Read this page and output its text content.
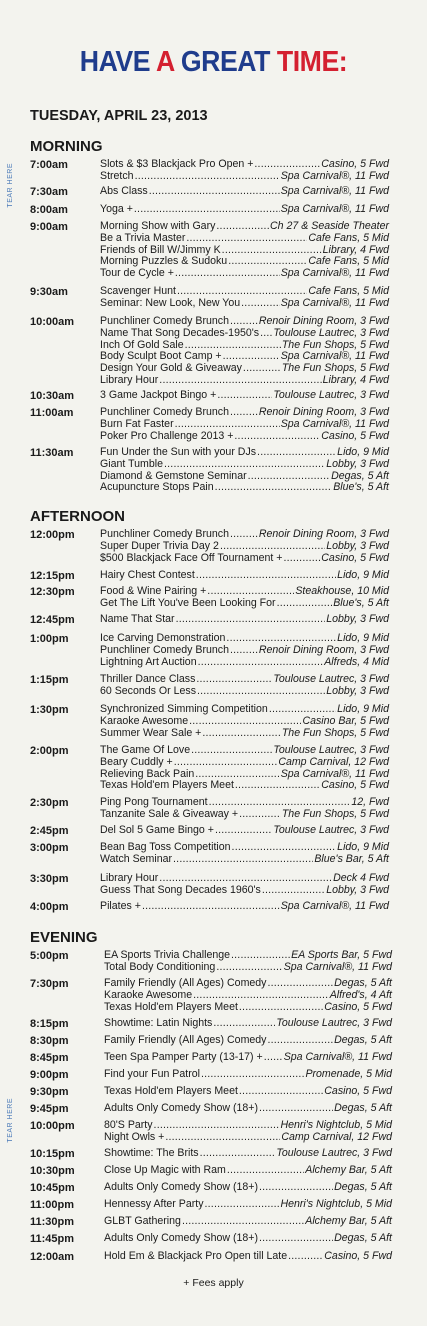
HAVE A GREAT TIME:
TUESDAY, APRIL 23, 2013
TEAR HERE
TEAR HERE
MORNING
7:00am	Slots & $3 Blackjack Pro Open + .....	Casino, 5 Fwd
Stretch .....	Spa Carnival®, 11 Fwd
7:30am	Abs Class .....	Spa Carnival®, 11 Fwd
8:00am	Yoga + .....	Spa Carnival®, 11 Fwd
9:00am	Morning Show with Gary .....	Ch 27 & Seaside Theater
Be a Trivia Master .....	Cafe Fans, 5 Mid
Friends of Bill W/Jimmy K .....	Library, 4 Fwd
Morning Puzzles & Sudoku .....	Cafe Fans, 5 Mid
Tour de Cycle + .....	Spa Carnival®, 11 Fwd
9:30am	Scavenger Hunt .....	Cafe Fans, 5 Mid
Seminar: New Look, New You .....	Spa Carnival®, 11 Fwd
10:00am Punchliner Comedy Brunch .....	Renoir Dining Room, 3 Fwd
Name That Song Decades-1950's ..... Toulouse Lautrec, 3 Fwd
Inch Of Gold Sale .....	The Fun Shops, 5 Fwd
Body Sculpt Boot Camp + .....	Spa Carnival®, 11 Fwd
Design Your Gold & Giveaway .....	The Fun Shops, 5 Fwd
Library Hour .....	Library, 4 Fwd
10:30am 3 Game Jackpot Bingo + .....	Toulouse Lautrec, 3 Fwd
11:00am	Punchliner Comedy Brunch .....	Renoir Dining Room, 3 Fwd
Burn Fat Faster .....	Spa Carnival®, 11 Fwd
Poker Pro Challenge 2013 + .....	Casino, 5 Fwd
11:30am	Fun Under the Sun with your DJs .....	Lido, 9 Mid
Giant Tumble .....	Lobby, 3 Fwd
Diamond & Gemstone Seminar .....	Degas, 5 Aft
Acupuncture Stops Pain .....	Blue's, 5 Aft
AFTERNOON
12:00pm Punchliner Comedy Brunch .....	Renoir Dining Room, 3 Fwd
Super Duper Trivia Day 2 .....	Lobby, 3 Fwd
$500 Blackjack Face Off Tournament + .....	Casino, 5 Fwd
12:15pm Hairy Chest Contest .....	Lido, 9 Mid
12:30pm Food & Wine Pairing + .....	Steakhouse, 10 Mid
Get The Lift You've Been Looking For .....	Blue's, 5 Aft
12:45pm Name That Star .....	Lobby, 3 Fwd
1:00pm	Ice Carving Demonstration .....	Lido, 9 Mid
Punchliner Comedy Brunch .....	Renoir Dining Room, 3 Fwd
Lightning Art Auction .....	Alfreds, 4 Mid
1:15pm	Thriller Dance Class .....	Toulouse Lautrec, 3 Fwd
60 Seconds Or Less .....	Lobby, 3 Fwd
1:30pm	Synchronized Simming Competition .....	Lido, 9 Mid
Karaoke Awesome .....	Casino Bar, 5 Fwd
Summer Wear Sale + .....	The Fun Shops, 5 Fwd
2:00pm	The Game Of Love .....	Toulouse Lautrec, 3 Fwd
Beary Cuddly + .....	Camp Carnival, 12 Fwd
Relieving Back Pain .....	Spa Carnival®, 11 Fwd
Texas Hold'em Players Meet .....	Casino, 5 Fwd
2:30pm	Ping Pong Tournament .....	12, Fwd
Tanzanite Sale & Giveaway + .....	The Fun Shops, 5 Fwd
2:45pm	Del Sol 5 Game Bingo + .....	Toulouse Lautrec, 3 Fwd
3:00pm	Bean Bag Toss Competition .....	Lido, 9 Mid
Watch Seminar .....	Blue's Bar, 5 Aft
3:30pm	Library Hour .....	Deck 4 Fwd
Guess That Song Decades 1960's .....	Lobby, 3 Fwd
4:00pm	Pilates + .....	Spa Carnival®, 11 Fwd
EVENING
5:00pm	EA Sports Trivia Challenge .....	EA Sports Bar, 5 Fwd
Total Body Conditioning .....	Spa Carnival®, 11 Fwd
7:30pm	Family Friendly (All Ages) Comedy .....	Degas, 5 Aft
Karaoke Awesome .....	Alfred's, 4 Aft
Texas Hold'em Players Meet .....	Casino, 5 Fwd
8:15pm	Showtime: Latin Nights .....	Toulouse Lautrec, 3 Fwd
8:30pm	Family Friendly (All Ages) Comedy .....	Degas, 5 Aft
8:45pm	Teen Spa Pamper Party (13-17) + ..... Spa Carnival®, 11 Fwd
9:00pm	Find your Fun Patrol .....	Promenade, 5 Mid
9:30pm	Texas Hold'em Players Meet .....	Casino, 5 Fwd
9:45pm	Adults Only Comedy Show (18+) .....	Degas, 5 Aft
10:00pm	80'S Party .....	Henri's Nightclub, 5 Mid
Night Owls + .....	Camp Carnival, 12 Fwd
10:15pm	Showtime: The Brits .....	Toulouse Lautrec, 3 Fwd
10:30pm	Close Up Magic with Ram .....	Alchemy Bar, 5 Aft
10:45pm	Adults Only Comedy Show (18+) .....	Degas, 5 Aft
11:00pm	Hennessy After Party .....	Henri's Nightclub, 5 Mid
11:30pm	GLBT Gathering .....	Alchemy Bar, 5 Aft
11:45pm	Adults Only Comedy Show (18+) .....	Degas, 5 Aft
12:00am	Hold Em & Blackjack Pro Open till Late .....	Casino, 5 Fwd
+ Fees apply
